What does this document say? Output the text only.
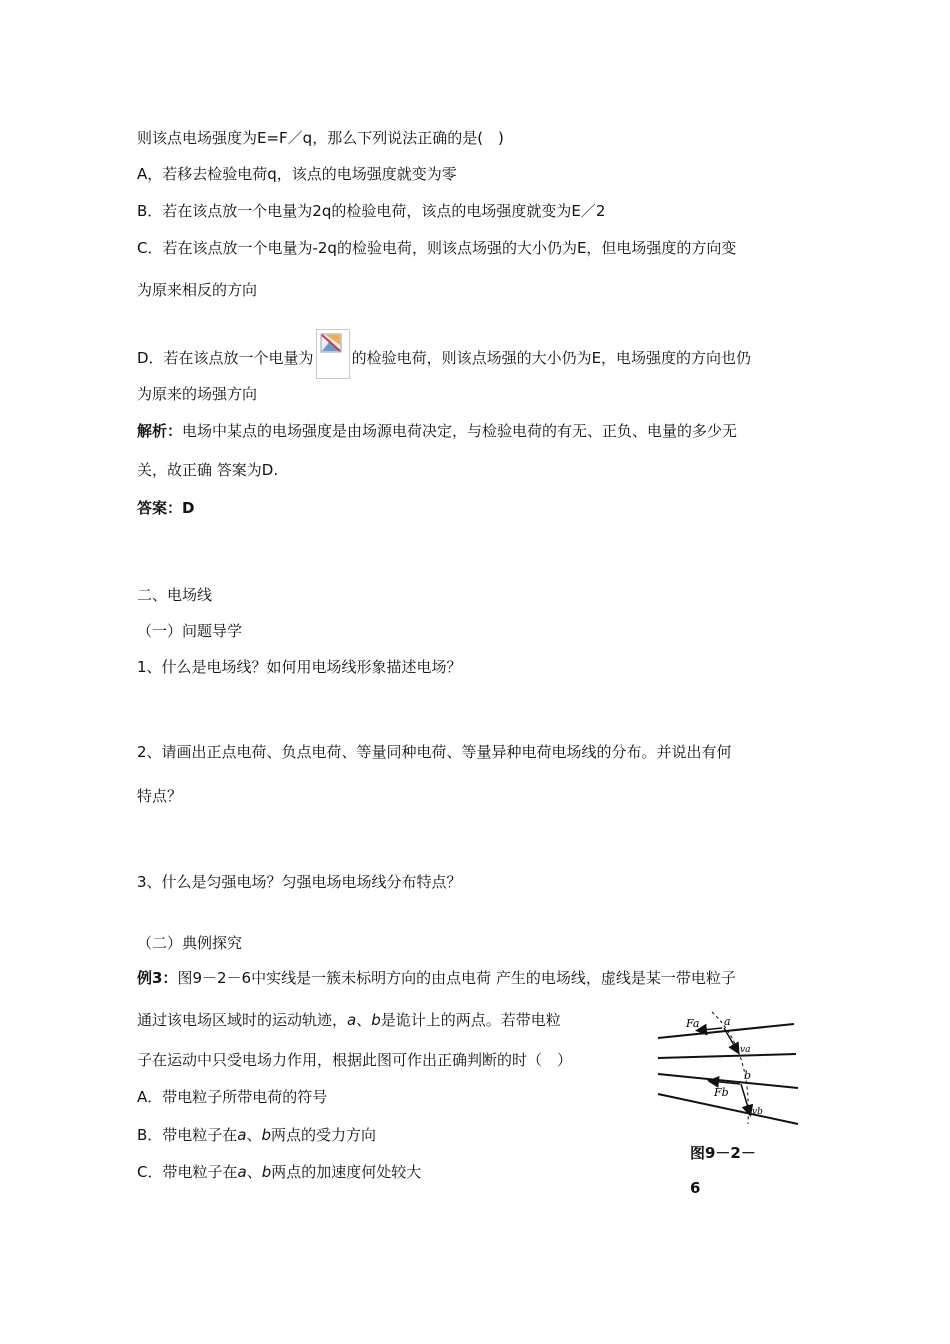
则该点电场强度为E=F／q，那么下列说法正确的是(　)
A，若移去检验电荷q，该点的电场强度就变为零
B．若在该点放一个电量为2q的检验电荷，该点的电场强度就变为E／2
C．若在该点放一个电量为-2q的检验电荷，则该点场强的大小仍为E，但电场强度的方向变
为原来相反的方向
D．若在该点放一个电量为	的检验电荷，则该点场强的大小仍为E，电场强度的方向也仍
为原来的场强方向
解析：电场中某点的电场强度是由场源电荷决定，与检验电荷的有无、正负、电量的多少无
关，故正确 答案为D.
答案：D
二、电场线
（一）问题导学
1、什么是电场线？如何用电场线形象描述电场？
2、请画出正点电荷、负点电荷、等量同种电荷、等量异种电荷电场线的分布。并说出有何
特点？
3、什么是匀强电场？匀强电场电场线分布特点？
（二）典例探究
例3：图9－2－6中实线是一簇未标明方向的由点电荷 产生的电场线，虚线是某一带电粒子
通过该电场区域时的运动轨迹，a、b是诡计上的两点。若带电粒
子在运动中只受电场力作用，根据此图可作出正确判断的时（　）
A．带电粒子所带电荷的符号
B．带电粒子在a、b两点的受力方向
C．带电粒子在a、b两点的加速度何处较大
Fa a
va
b
Fb
vb
图9－2－
6
